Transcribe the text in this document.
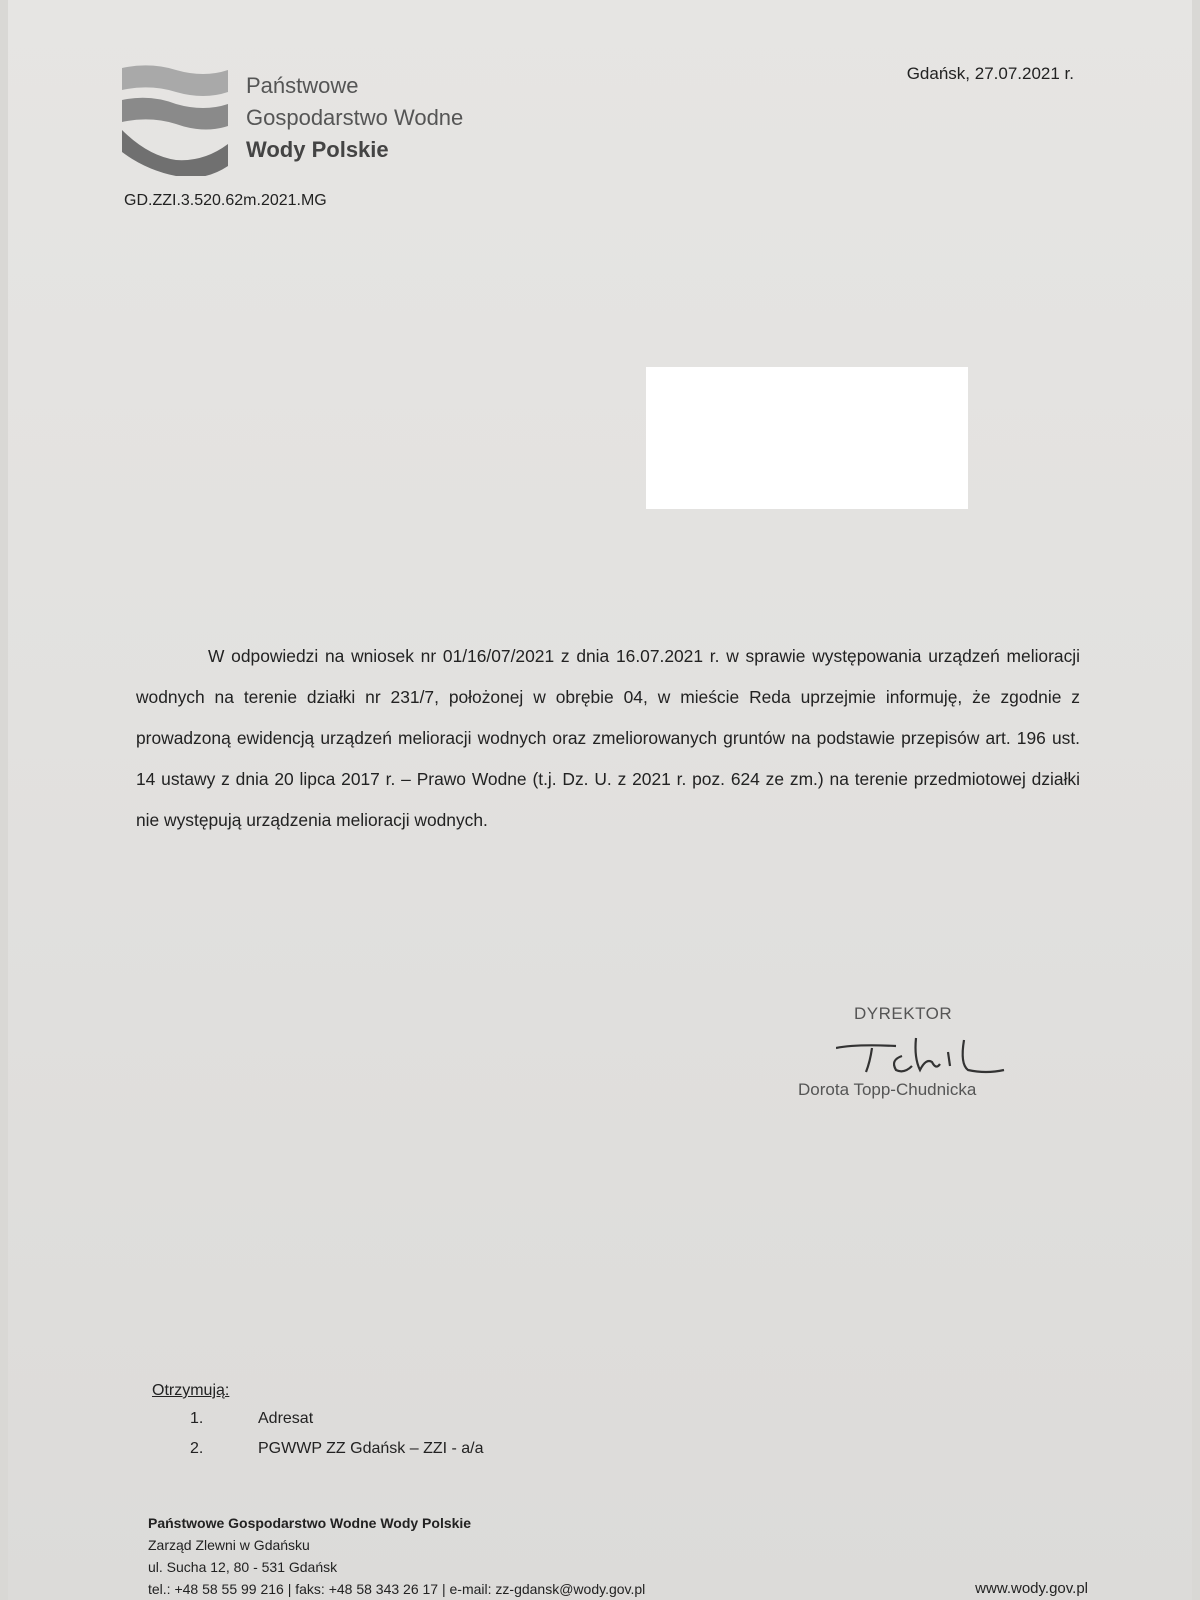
Państwowe
Gospodarstwo Wodne
Wody Polskie
Gdańsk, 27.07.2021 r.
GD.ZZI.3.520.62m.2021.MG
W odpowiedzi na wniosek nr 01/16/07/2021 z dnia 16.07.2021 r. w sprawie występowania urządzeń melioracji wodnych na terenie działki nr 231/7, położonej w obrębie 04, w mieście Reda uprzejmie informuję, że zgodnie z prowadzoną ewidencją urządzeń melioracji wodnych oraz zmeliorowanych gruntów na podstawie przepisów art. 196 ust. 14 ustawy z dnia 20 lipca 2017 r. – Prawo Wodne (t.j. Dz. U. z 2021 r. poz. 624 ze zm.) na terenie przedmiotowej działki nie występują urządzenia melioracji wodnych.
DYREKTOR
Dorota Topp-Chudnicka
Otrzymują:
1.	Adresat
2.	PGWWP ZZ Gdańsk – ZZI - a/a
Państwowe Gospodarstwo Wodne Wody Polskie
Zarząd Zlewni w Gdańsku
ul. Sucha 12, 80 - 531 Gdańsk
tel.: +48 58 55 99 216 | faks: +48 58 343 26 17 | e-mail: zz-gdansk@wody.gov.pl	www.wody.gov.pl
